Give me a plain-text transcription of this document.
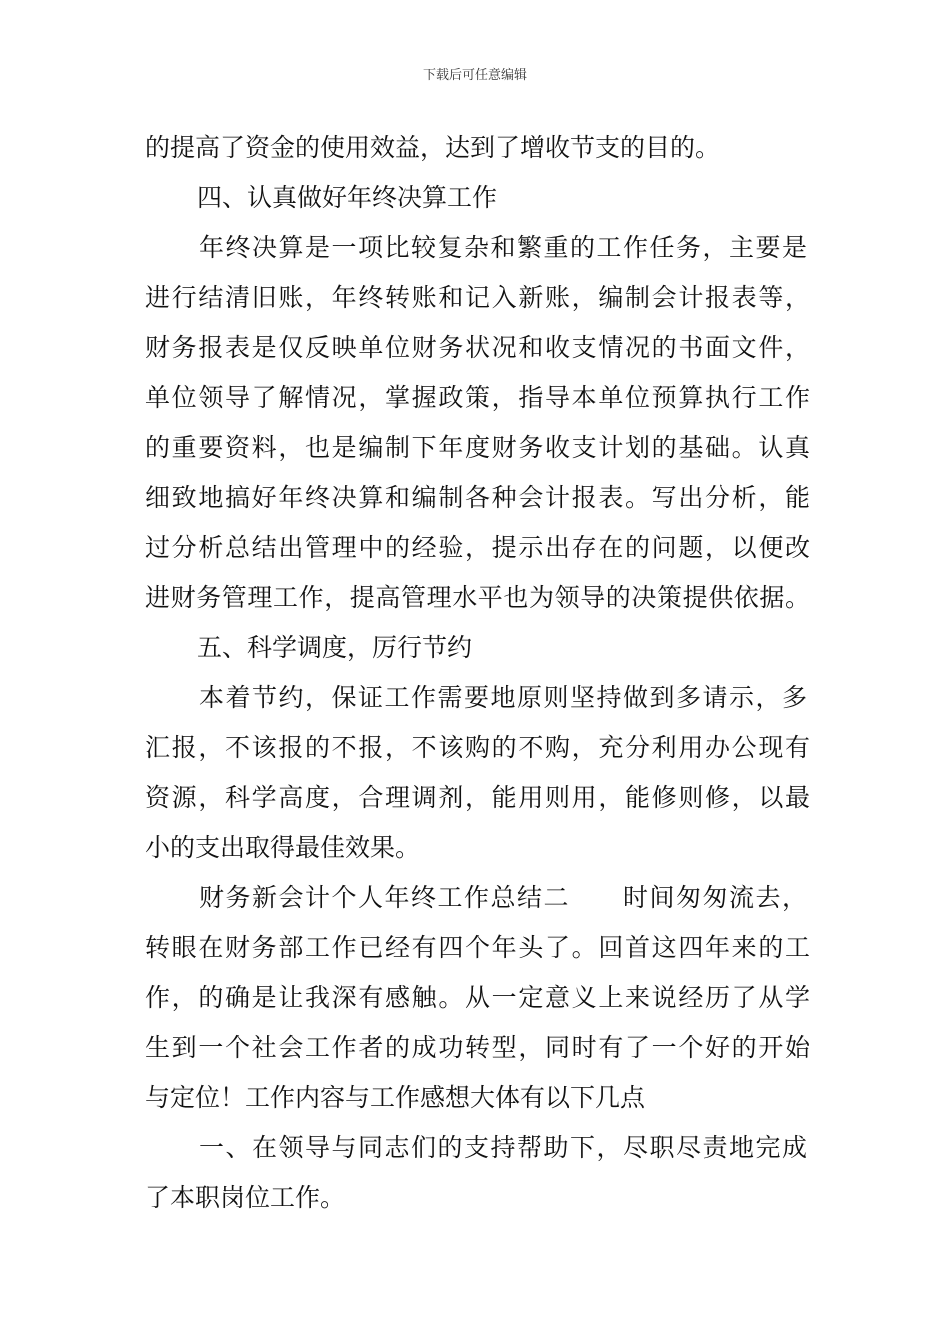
下载后可任意编辑
的提高了资金的使用效益，达到了增收节支的目的。
四、认真做好年终决算工作
年终决算是一项比较复杂和繁重的工作任务，主要是
进行结清旧账，年终转账和记入新账，编制会计报表等，
财务报表是仅反映单位财务状况和收支情况的书面文件，
单位领导了解情况，掌握政策，指导本单位预算执行工作
的重要资料，也是编制下年度财务收支计划的基础。认真
细致地搞好年终决算和编制各种会计报表。写出分析，能
过分析总结出管理中的经验，提示出存在的问题，以便改
进财务管理工作，提高管理水平也为领导的决策提供依据。
五、科学调度，厉行节约
本着节约，保证工作需要地原则坚持做到多请示，多
汇报，不该报的不报，不该购的不购，充分利用办公现有
资源，科学高度，合理调剂，能用则用，能修则修，以最
小的支出取得最佳效果。
财务新会计个人年终工作总结二　　时间匆匆流去，
转眼在财务部工作已经有四个年头了。回首这四年来的工
作，的确是让我深有感触。从一定意义上来说经历了从学
生到一个社会工作者的成功转型，同时有了一个好的开始
与定位！工作内容与工作感想大体有以下几点
一、在领导与同志们的支持帮助下，尽职尽责地完成
了本职岗位工作。
